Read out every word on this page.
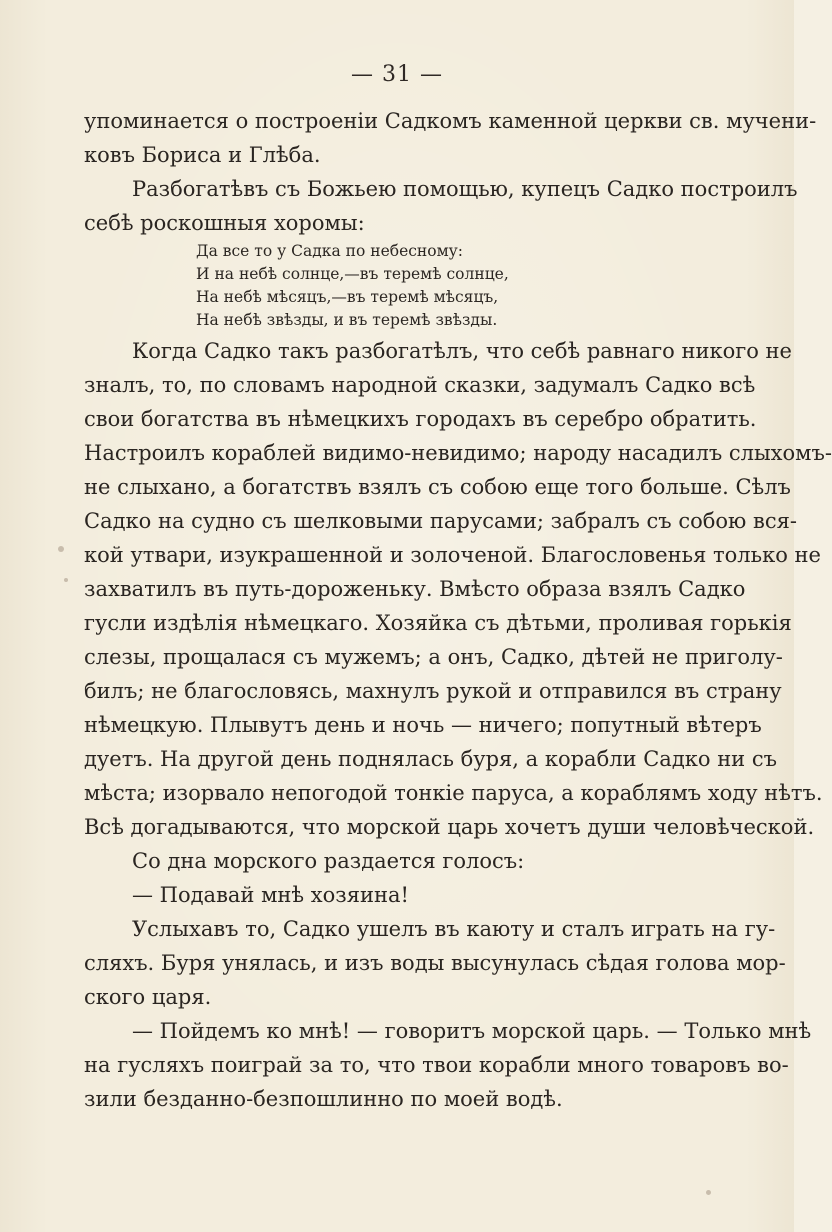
— 31 —
упоминается о построенiи Садкомъ каменной церкви св. мучени-
ковъ Бориса и Глѣба.
Разбогатѣвъ съ Божьею помощью, купецъ Садко построилъ
себѣ роскошныя хоромы:
Да все то у Садка по небесному:
И на небѣ солнце,—въ теремѣ солнце,
На небѣ мѣсяцъ,—въ теремѣ мѣсяцъ,
На небѣ звѣзды, и въ теремѣ звѣзды.
Когда Садко такъ разбогатѣлъ, что себѣ равнаго никого не
зналъ, то, по словамъ народной сказки, задумалъ Садко всѣ
свои богатства въ нѣмецкихъ городахъ въ серебро обратить.
Настроилъ кораблей видимо-невидимо; народу насадилъ слыхомъ-
не слыхано, а богатствъ взялъ съ собою еще того больше. Сѣлъ
Садко на судно съ шелковыми парусами; забралъ съ собою вся-
кой утвари, изукрашенной и золоченой. Благословенья только не
захватилъ въ путь-дороженьку. Вмѣсто образа взялъ Садко
гусли издѣлiя нѣмецкаго. Хозяйка съ дѣтьми, проливая горькiя
слезы, прощалася съ мужемъ; а онъ, Садко, дѣтей не приголу-
билъ; не благословясь, махнулъ рукой и отправился въ страну
нѣмецкую. Плывутъ день и ночь — ничего; попутный вѣтеръ
дуетъ. На другой день поднялась буря, а корабли Садко ни съ
мѣста; изорвало непогодой тонкiе паруса, а кораблямъ ходу нѣтъ.
Всѣ догадываются, что морской царь хочетъ души человѣческой.
Со дна морского раздается голосъ:
— Подавай мнѣ хозяина!
Услыхавъ то, Садко ушелъ въ каюту и сталъ играть на гу-
сляхъ. Буря унялась, и изъ воды высунулась сѣдая голова мор-
ского царя.
— Пойдемъ ко мнѣ! — говоритъ морской царь. — Только мнѣ
на гусляхъ поиграй за то, что твои корабли много товаровъ во-
зили безданно-безпошлинно по моей водѣ.
